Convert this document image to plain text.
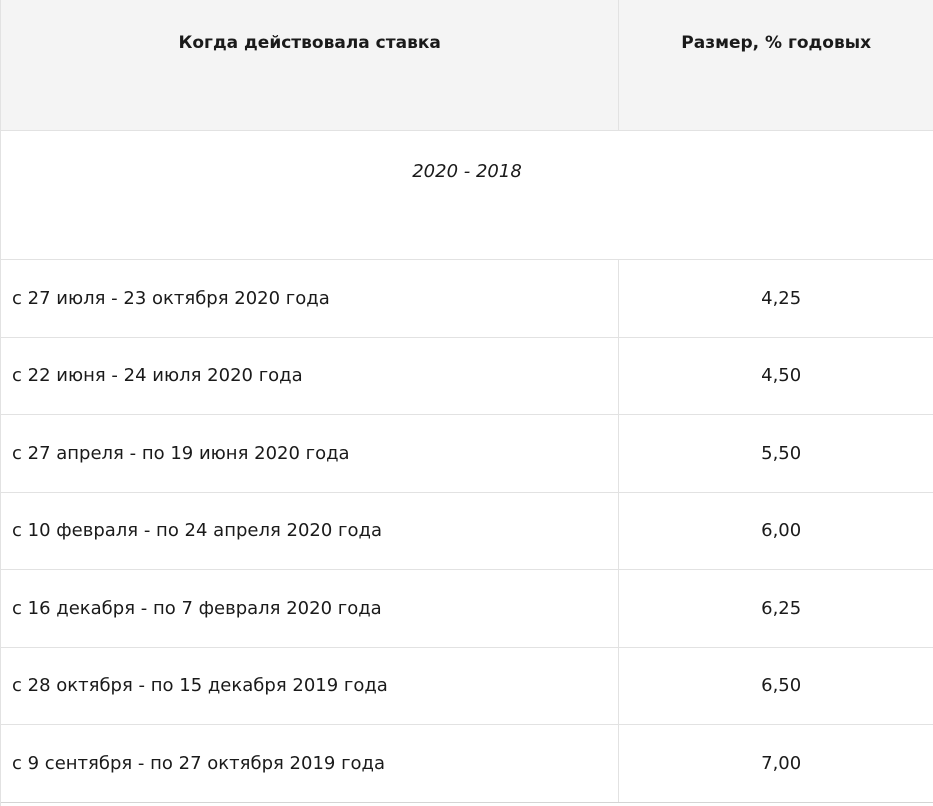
Когда действовала ставка	Размер, % годовых
2020 - 2018
с 27 июля - 23 октября 2020 года	4,25
с 22 июня - 24 июля 2020 года	4,50
с 27 апреля - по 19 июня 2020 года	5,50
с 10 февраля - по 24 апреля 2020 года	6,00
с 16 декабря - по 7 февраля 2020 года	6,25
с 28 октября - по 15 декабря 2019 года	6,50
с 9 сентября - по 27 октября 2019 года	7,00
